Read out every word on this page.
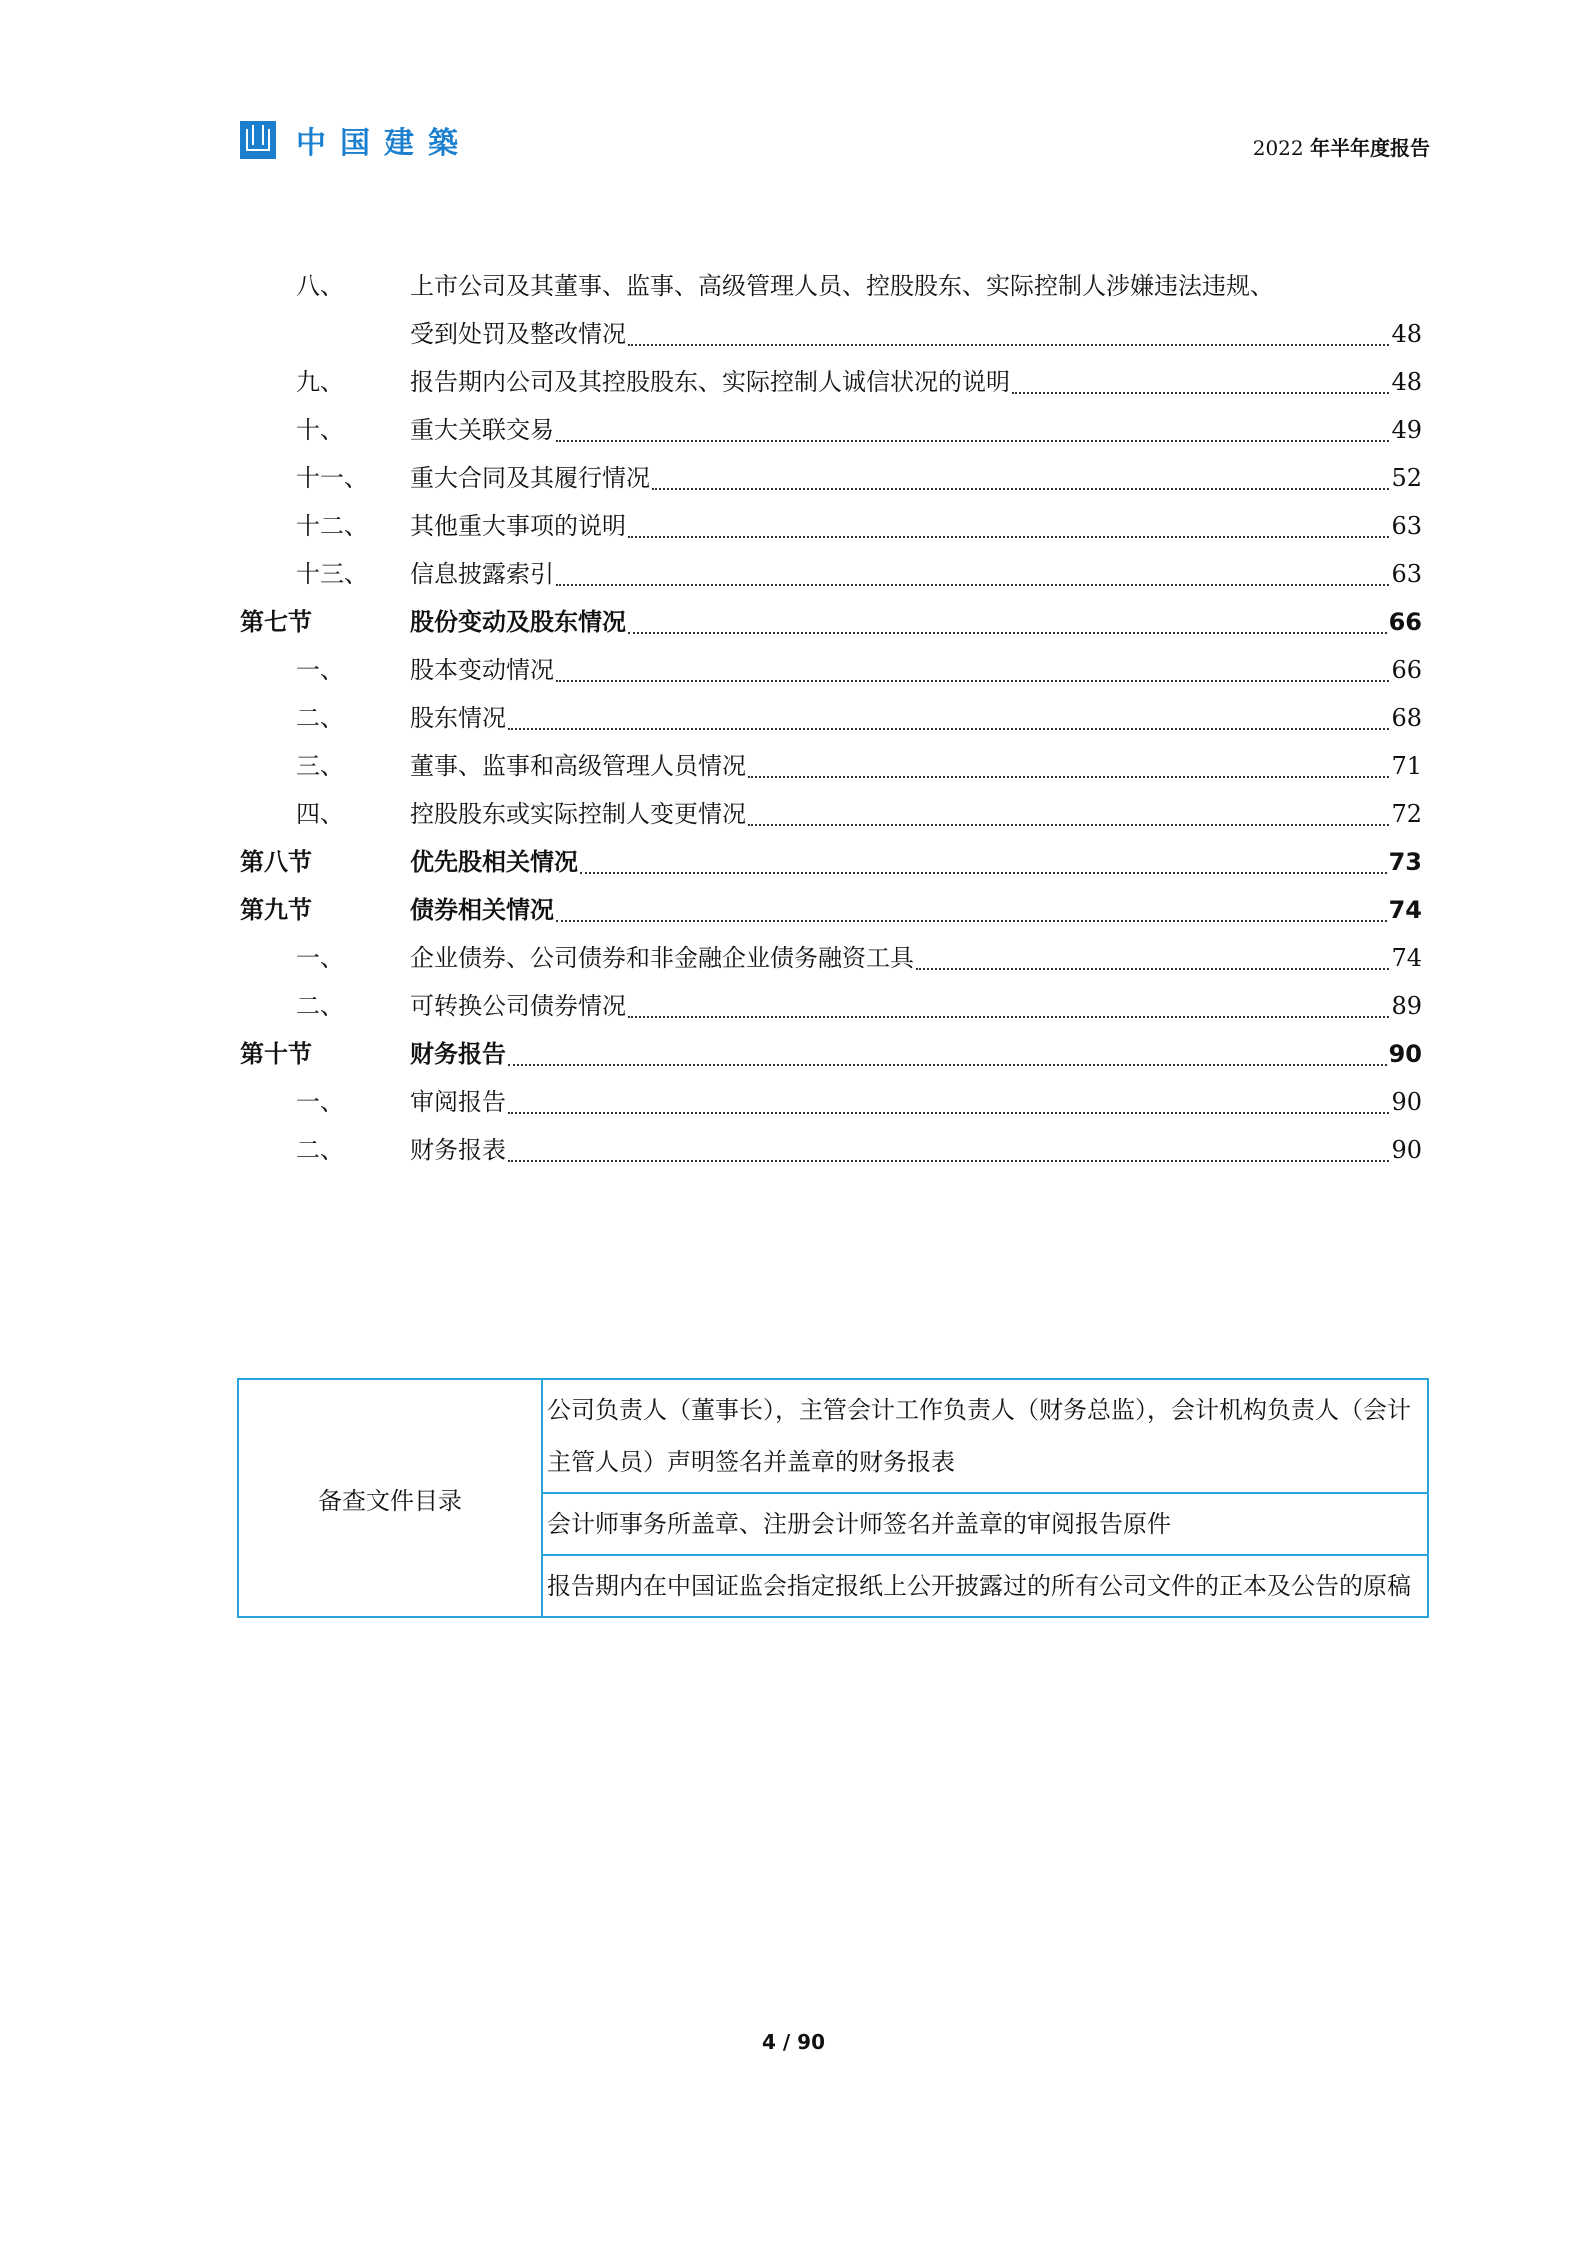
中国建築	2022 年半年度报告
八、	上市公司及其董事、监事、高级管理人员、控股股东、实际控制人涉嫌违法违规、
受到处罚及整改情况	48
九、	报告期内公司及其控股股东、实际控制人诚信状况的说明	48
十、	重大关联交易	49
十一、	重大合同及其履行情况	52
十二、	其他重大事项的说明	63
十三、	信息披露索引	63
第七节	股份变动及股东情况	66
一、	股本变动情况	66
二、	股东情况	68
三、	董事、监事和高级管理人员情况	71
四、	控股股东或实际控制人变更情况	72
第八节	优先股相关情况	73
第九节	债券相关情况	74
一、	企业债券、公司债券和非金融企业债务融资工具	74
二、	可转换公司债券情况	89
第十节	财务报告	90
一、	审阅报告	90
二、	财务报表	90
备查文件目录	公司负责人（董事长），主管会计工作负责人（财务总监），会计机构负责人（会计主管人员）声明签名并盖章的财务报表
会计师事务所盖章、注册会计师签名并盖章的审阅报告原件
报告期内在中国证监会指定报纸上公开披露过的所有公司文件的正本及公告的原稿
4 / 90
